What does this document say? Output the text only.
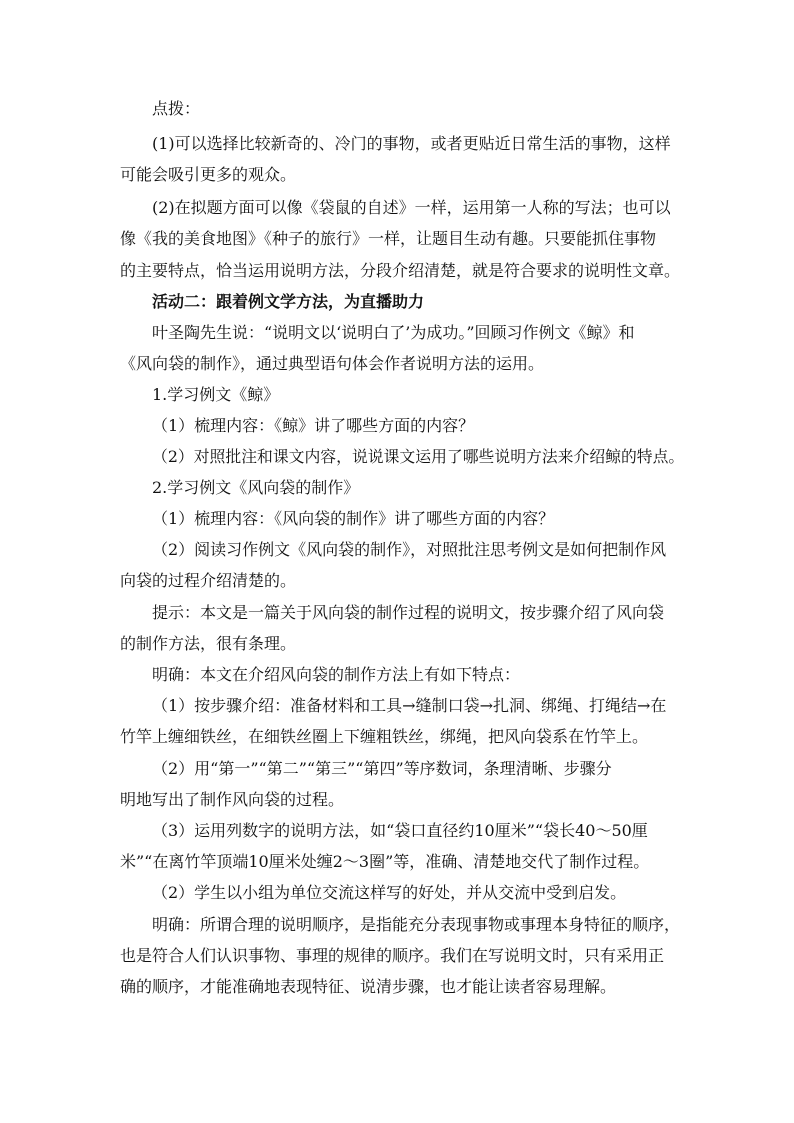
点拨：
(1)可以选择比较新奇的、冷门的事物，或者更贴近日常生活的事物，这样
可能会吸引更多的观众。
(2)在拟题方面可以像《袋鼠的自述》一样，运用第一人称的写法；也可以
像《我的美食地图》《种子的旅行》一样，让题目生动有趣。只要能抓住事物
的主要特点，恰当运用说明方法，分段介绍清楚，就是符合要求的说明性文章。
活动二：跟着例文学方法，为直播助力
叶圣陶先生说：“说明文以‘说明白了’为成功。”回顾习作例文《鲸》和
《风向袋的制作》，通过典型语句体会作者说明方法的运用。
1.学习例文《鲸》
（1）梳理内容：《鲸》讲了哪些方面的内容？
（2）对照批注和课文内容，说说课文运用了哪些说明方法来介绍鲸的特点。
2.学习例文《风向袋的制作》
（1）梳理内容：《风向袋的制作》讲了哪些方面的内容？
（2）阅读习作例文《风向袋的制作》，对照批注思考例文是如何把制作风
向袋的过程介绍清楚的。
提示：本文是一篇关于风向袋的制作过程的说明文，按步骤介绍了风向袋
的制作方法，很有条理。
明确：本文在介绍风向袋的制作方法上有如下特点：
（1）按步骤介绍：准备材料和工具→缝制口袋→扎洞、绑绳、打绳结→在
竹竿上缠细铁丝，在细铁丝圈上下缠粗铁丝，绑绳，把风向袋系在竹竿上。
（2）用“第一”“第二”“第三”“第四”等序数词，条理清晰、步骤分
明地写出了制作风向袋的过程。
（3）运用列数字的说明方法，如“袋口直径约10厘米”“袋长40～50厘
米”“在离竹竿顶端10厘米处缠2～3圈”等，准确、清楚地交代了制作过程。
（2）学生以小组为单位交流这样写的好处，并从交流中受到启发。
明确：所谓合理的说明顺序，是指能充分表现事物或事理本身特征的顺序，
也是符合人们认识事物、事理的规律的顺序。我们在写说明文时，只有采用正
确的顺序，才能准确地表现特征、说清步骤，也才能让读者容易理解。
